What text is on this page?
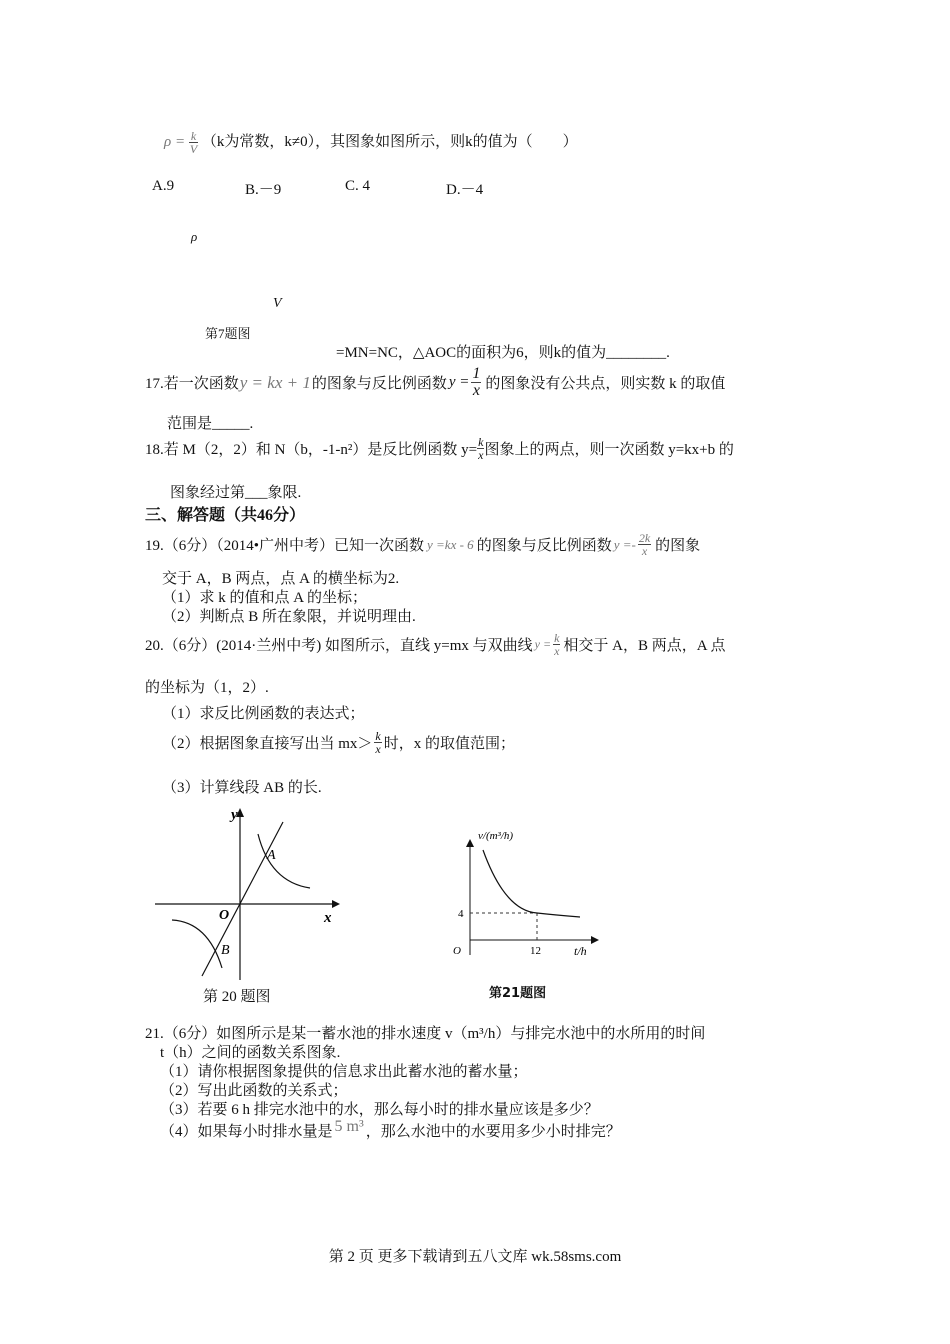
$\rho = \frac{k}{V} (k$为常数，k≠0），其图象如图所示，则k的值为（　　）
A.9	B.－9	C. 4	D.－4
ρ
V
第7题图
=MN=NC，△AOC的面积为6，则k的值为________.
17.若一次函数 y = kx + 1 的图象与反比例函数 $y = \frac{1}{x}$ 的图象没有公共点，则实数 k 的取值
范围是_____.
18.若 M（2，2）和 N（b，-1-n²）是反比例函数 $y= \frac{k}{x}$ 图象上的两点，则一次函数 y=kx+b 的
图象经过第___象限.
三、解答题（共46分）
19.（6分）（2014•广州中考）已知一次函数 y =kx - 6 的图象与反比例函数 $y =- \frac{2k}{x}$ 的图象
交于 A，B 两点，点 A 的横坐标为2.
（1）求 k 的值和点 A 的坐标；
（2）判断点 B 所在象限，并说明理由.
20.（6分）(2014·兰州中考) 如图所示，直线 y=mx 与双曲线 $y = \frac{k}{x}$ 相交于 A，B 两点，A 点
的坐标为（1，2）.
（1）求反比例函数的表达式；
（2）根据图象直接写出当 $mx> \frac{k}{x}$ 时，x 的取值范围；
（3）计算线段 AB 的长.
y
x
O
A
B
第 20 题图
v/(m³/h)
t/h
O
4
12
第21题图
21.（6分）如图所示是某一蓄水池的排水速度 v（m³/h）与排完水池中的水所用的时间
t（h）之间的函数关系图象.
（1）请你根据图象提供的信息求出此蓄水池的蓄水量；
（2）写出此函数的关系式；
（3）若要 6 h 排完水池中的水，那么每小时的排水量应该是多少？
（4）如果每小时排水量是 5 m³ ，那么水池中的水要用多少小时排完？
第 2 页 更多下载请到五八文库 wk.58sms.com
